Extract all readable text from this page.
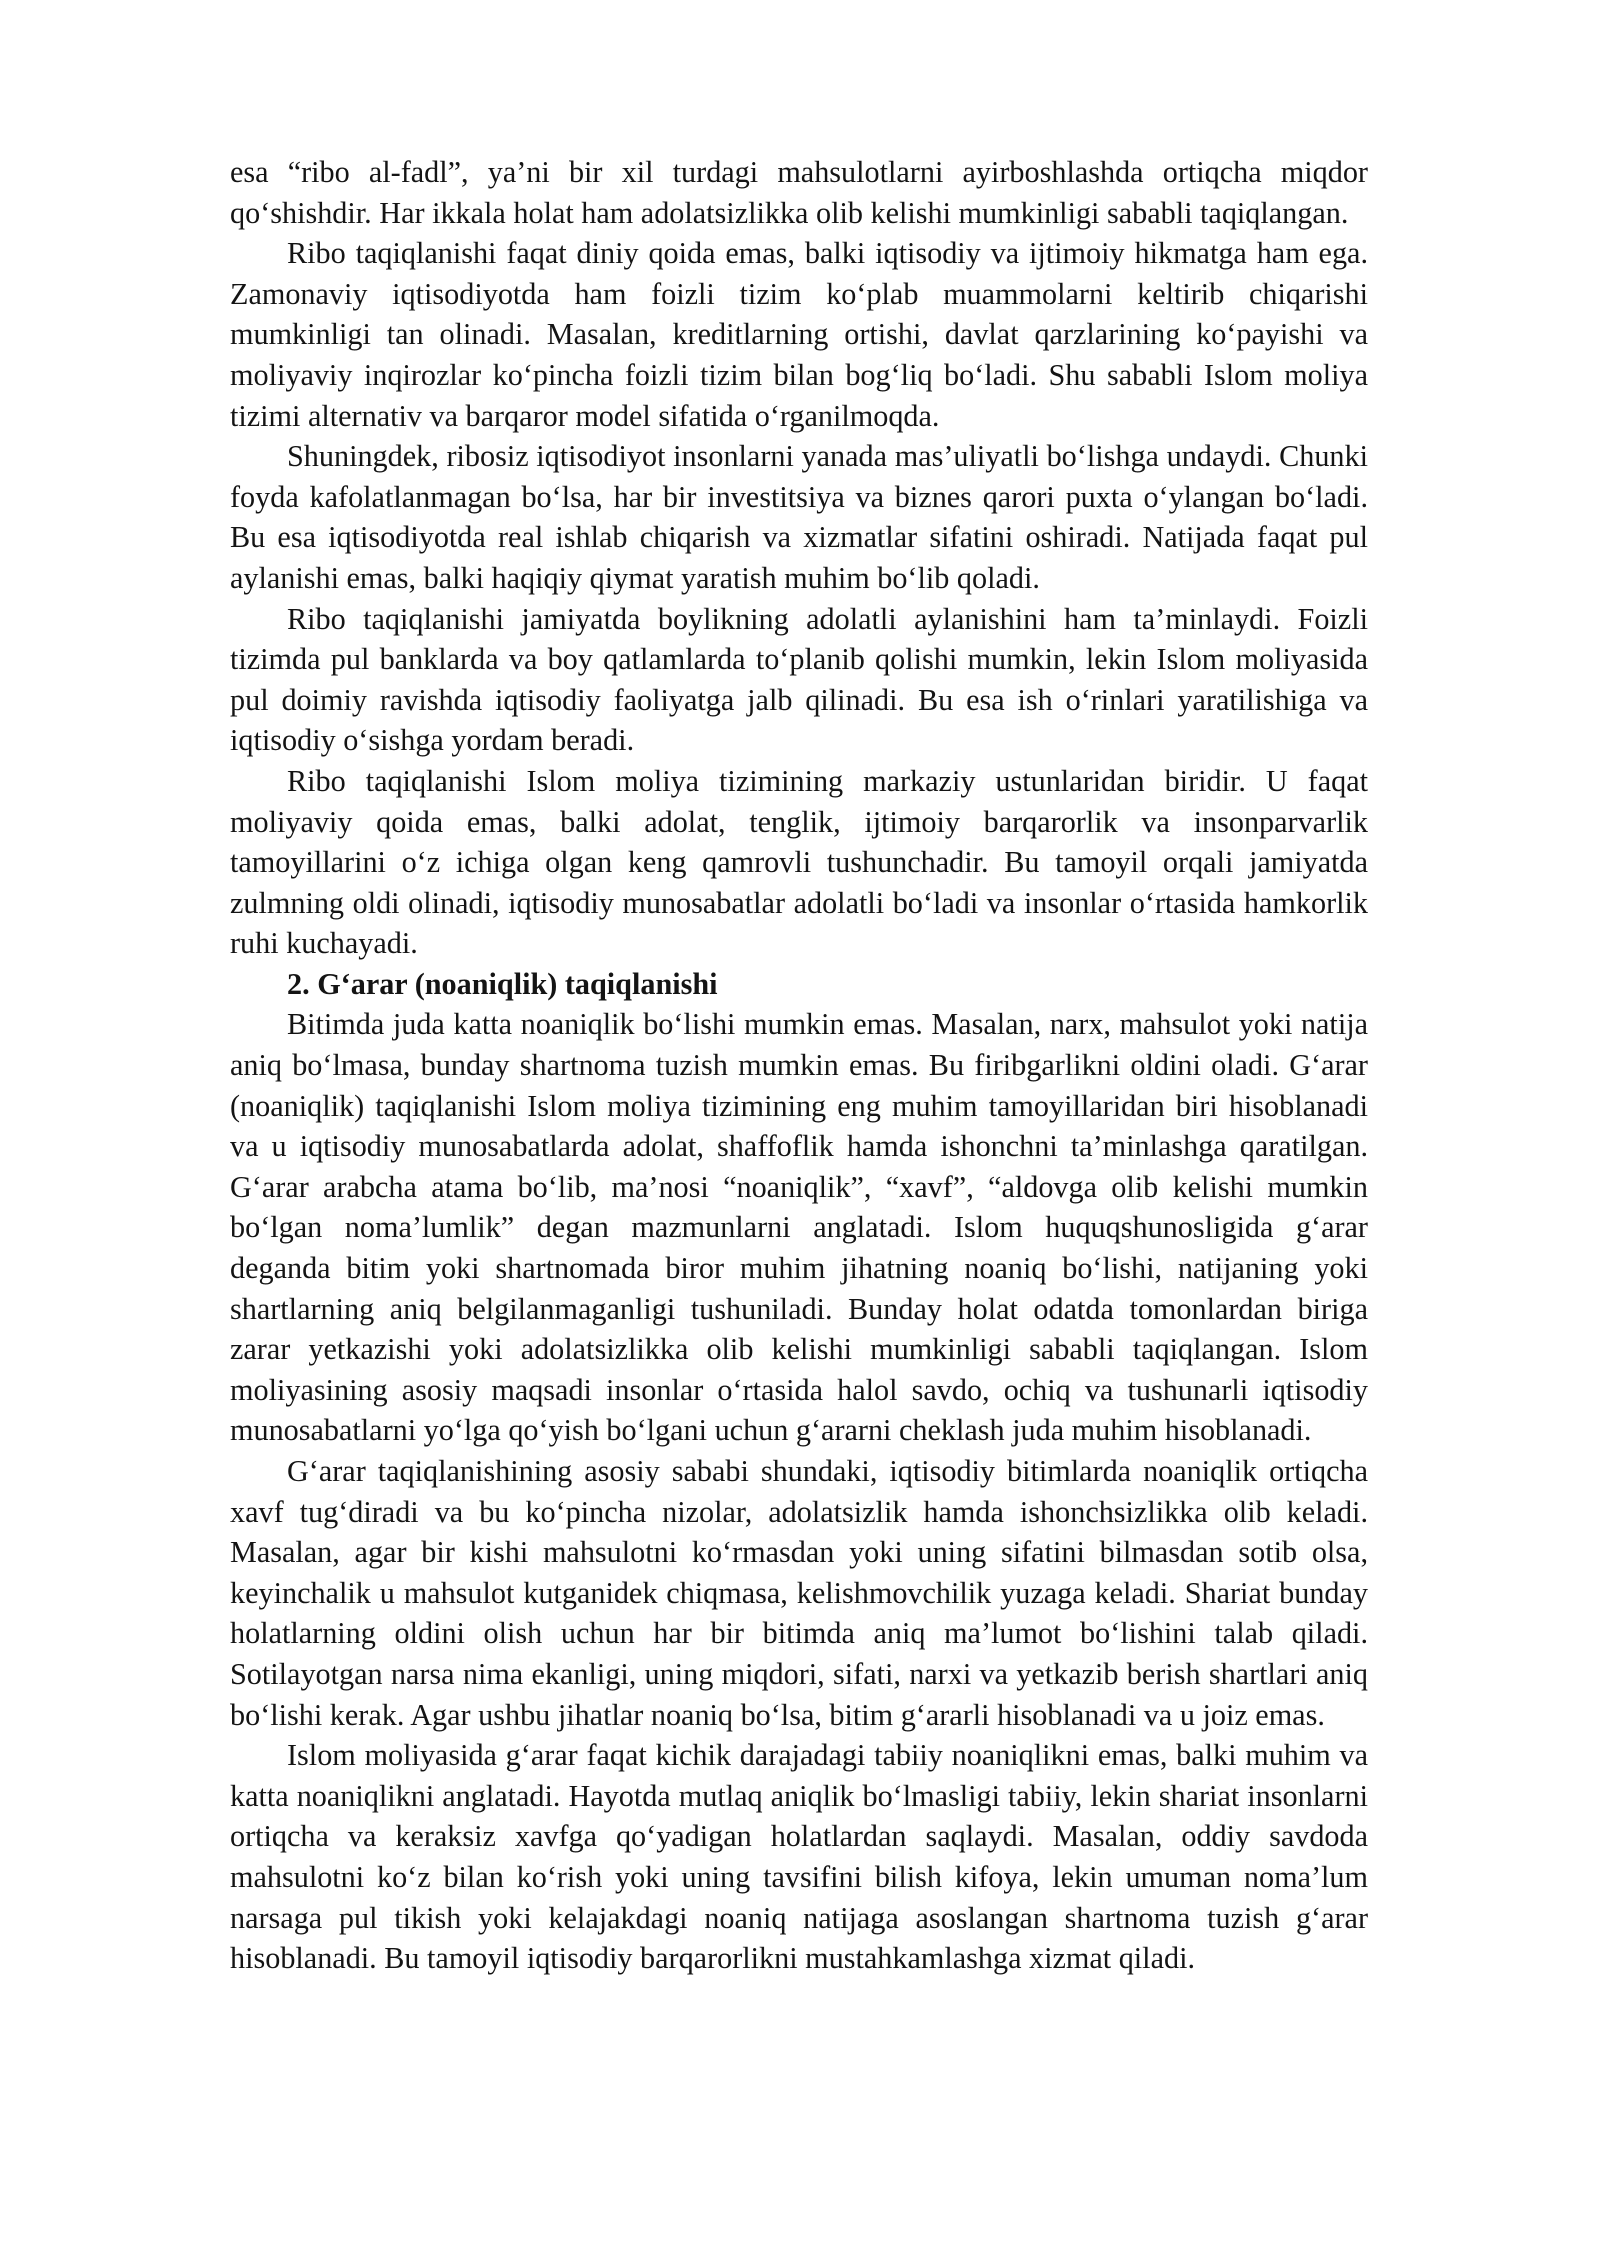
esa “ribo al-fadl”, ya’ni bir xil turdagi mahsulotlarni ayirboshlashda ortiqcha miqdor qo‘shishdir. Har ikkala holat ham adolatsizlikka olib kelishi mumkinligi sababli taqiqlangan.

Ribo taqiqlanishi faqat diniy qoida emas, balki iqtisodiy va ijtimoiy hikmatga ham ega. Zamonaviy iqtisodiyotda ham foizli tizim ko‘plab muammolarni keltirib chiqarishi mumkinligi tan olinadi. Masalan, kreditlarning ortishi, davlat qarzlarining ko‘payishi va moliyaviy inqirozlar ko‘pincha foizli tizim bilan bog‘liq bo‘ladi. Shu sababli Islom moliya tizimi alternativ va barqaror model sifatida o‘rganilmoqda.

Shuningdek, ribosiz iqtisodiyot insonlarni yanada mas’uliyatli bo‘lishga undaydi. Chunki foyda kafolatlanmagan bo‘lsa, har bir investitsiya va biznes qarori puxta o‘ylangan bo‘ladi. Bu esa iqtisodiyotda real ishlab chiqarish va xizmatlar sifatini oshiradi. Natijada faqat pul aylanishi emas, balki haqiqiy qiymat yaratish muhim bo‘lib qoladi.

Ribo taqiqlanishi jamiyatda boylikning adolatli aylanishini ham ta’minlaydi. Foizli tizimda pul banklarda va boy qatlamlarda to‘planib qolishi mumkin, lekin Islom moliyasida pul doimiy ravishda iqtisodiy faoliyatga jalb qilinadi. Bu esa ish o‘rinlari yaratilishiga va iqtisodiy o‘sishga yordam beradi.

Ribo taqiqlanishi Islom moliya tizimining markaziy ustunlaridan biridir. U faqat moliyaviy qoida emas, balki adolat, tenglik, ijtimoiy barqarorlik va insonparvarlik tamoyillarini o‘z ichiga olgan keng qamrovli tushunchadir. Bu tamoyil orqali jamiyatda zulmning oldi olinadi, iqtisodiy munosabatlar adolatli bo‘ladi va insonlar o‘rtasida hamkorlik ruhi kuchayadi.

2. G‘arar (noaniqlik) taqiqlanishi

Bitimda juda katta noaniqlik bo‘lishi mumkin emas. Masalan, narx, mahsulot yoki natija aniq bo‘lmasa, bunday shartnoma tuzish mumkin emas. Bu firibgarlikni oldini oladi. G‘arar (noaniqlik) taqiqlanishi Islom moliya tizimining eng muhim tamoyillaridan biri hisoblanadi va u iqtisodiy munosabatlarda adolat, shaffoflik hamda ishonchni ta’minlashga qaratilgan. G‘arar arabcha atama bo‘lib, ma’nosi “noaniqlik”, “xavf”, “aldovga olib kelishi mumkin bo‘lgan noma’lumlik” degan mazmunlarni anglatadi. Islom huquqshunosligida g‘arar deganda bitim yoki shartnomada biror muhim jihatning noaniq bo‘lishi, natijaning yoki shartlarning aniq belgilanmaganligi tushuniladi. Bunday holat odatda tomonlardan biriga zarar yetkazishi yoki adolatsizlikka olib kelishi mumkinligi sababli taqiqlangan. Islom moliyasining asosiy maqsadi insonlar o‘rtasida halol savdo, ochiq va tushunarli iqtisodiy munosabatlarni yo‘lga qo‘yish bo‘lgani uchun g‘ararni cheklash juda muhim hisoblanadi.

G‘arar taqiqlanishining asosiy sababi shundaki, iqtisodiy bitimlarda noaniqlik ortiqcha xavf tug‘diradi va bu ko‘pincha nizolar, adolatsizlik hamda ishonchsizlikka olib keladi. Masalan, agar bir kishi mahsulotni ko‘rmasdan yoki uning sifatini bilmasdan sotib olsa, keyinchalik u mahsulot kutganidek chiqmasa, kelishmovchilik yuzaga keladi. Shariat bunday holatlarning oldini olish uchun har bir bitimda aniq ma’lumot bo‘lishini talab qiladi. Sotilayotgan narsa nima ekanligi, uning miqdori, sifati, narxi va yetkazib berish shartlari aniq bo‘lishi kerak. Agar ushbu jihatlar noaniq bo‘lsa, bitim g‘ararli hisoblanadi va u joiz emas.

Islom moliyasida g‘arar faqat kichik darajadagi tabiiy noaniqlikni emas, balki muhim va katta noaniqlikni anglatadi. Hayotda mutlaq aniqlik bo‘lmasligi tabiiy, lekin shariat insonlarni ortiqcha va keraksiz xavfga qo‘yadigan holatlardan saqlaydi. Masalan, oddiy savdoda mahsulotni ko‘z bilan ko‘rish yoki uning tavsifini bilish kifoya, lekin umuman noma’lum narsaga pul tikish yoki kelajakdagi noaniq natijaga asoslangan shartnoma tuzish g‘arar hisoblanadi. Bu tamoyil iqtisodiy barqarorlikni mustahkamlashga xizmat qiladi.
